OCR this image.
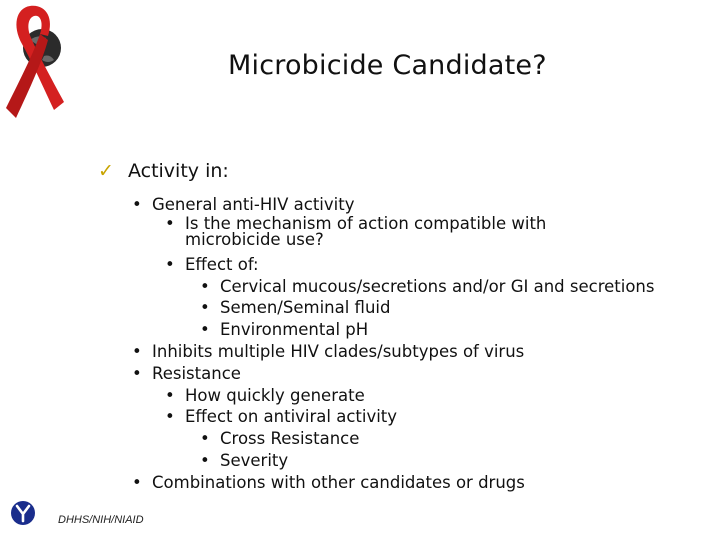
Microbicide Candidate?
✓ Activity in:
• General anti-HIV activity
• Is the mechanism of action compatible with microbicide use?
• Effect of:
• Cervical mucous/secretions and/or GI and secretions
• Semen/Seminal fluid
• Environmental pH
• Inhibits multiple HIV clades/subtypes of virus
• Resistance
• How quickly generate
• Effect on antiviral activity
• Cross Resistance
• Severity
• Combinations with other candidates or drugs
DHHS/NIH/NIAID
